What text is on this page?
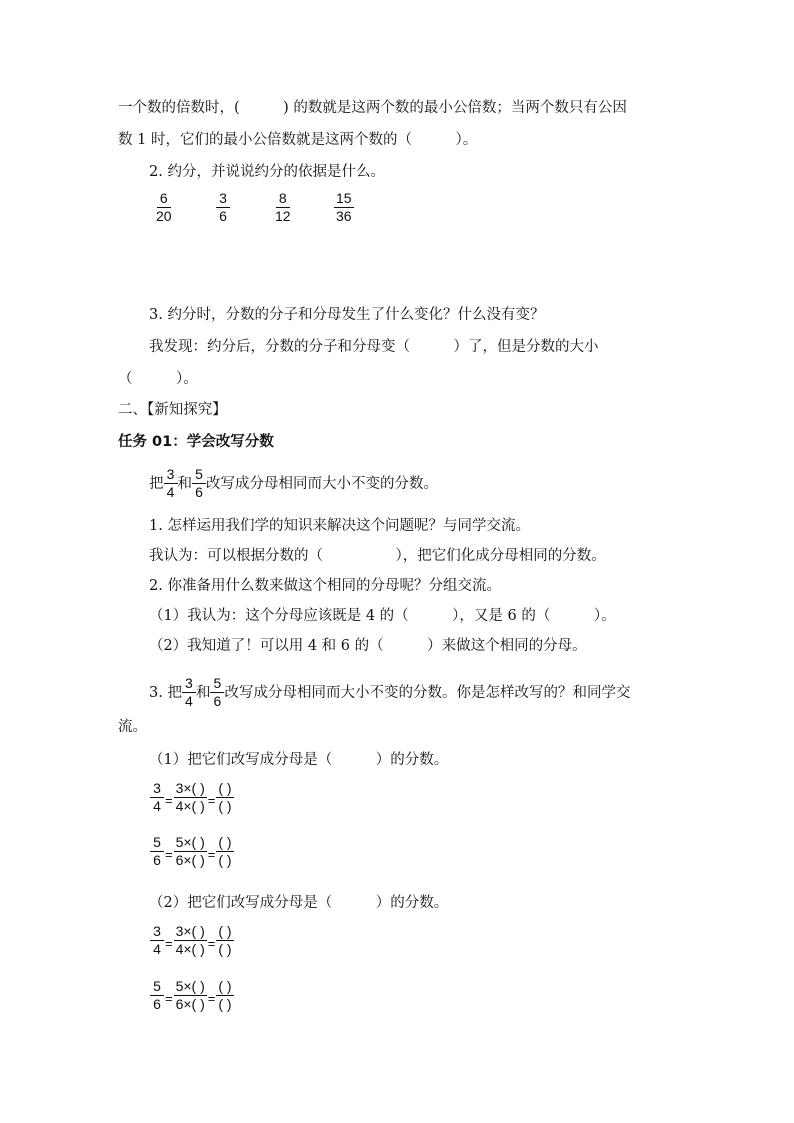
一个数的倍数时，(　　　) 的数就是这两个数的最小公倍数；当两个数只有公因
数 1 时，它们的最小公倍数就是这两个数的（　　　）。
2. 约分，并说说约分的依据是什么。
$\frac{6}{20}$	$\frac{3}{6}$	$\frac{8}{12}$	$\frac{15}{36}$
3. 约分时，分数的分子和分母发生了什么变化？什么没有变？
我发现：约分后，分数的分子和分母变（　　　）了，但是分数的大小
（　　　）。
二、【新知探究】
任务 01：学会改写分数
把 $\frac{3}{4}$ 和 $\frac{5}{6}$ 改写成分母相同而大小不变的分数。
1. 怎样运用我们学的知识来解决这个问题呢？与同学交流。
我认为：可以根据分数的（　　　　　），把它们化成分母相同的分数。
2. 你准备用什么数来做这个相同的分母呢？分组交流。
（1）我认为：这个分母应该既是 4 的（　　　），又是 6 的（　　　）。
（2）我知道了！可以用 4 和 6 的（　　　）来做这个相同的分母。
3. 把 $\frac{3}{4}$ 和 $\frac{5}{6}$ 改写成分母相同而大小不变的分数。你是怎样改写的？和同学交
流。
（1）把它们改写成分母是（　　　）的分数。
$\frac{3}{4} = \frac{3\times( )}{4\times( )} = \frac{( )}{( )}$
$\frac{5}{6} = \frac{5\times( )}{6\times( )} = \frac{( )}{( )}$
（2）把它们改写成分母是（　　　）的分数。
$\frac{3}{4} = \frac{3\times( )}{4\times( )} = \frac{( )}{( )}$
$\frac{5}{6} = \frac{5\times( )}{6\times( )} = \frac{( )}{( )}$
